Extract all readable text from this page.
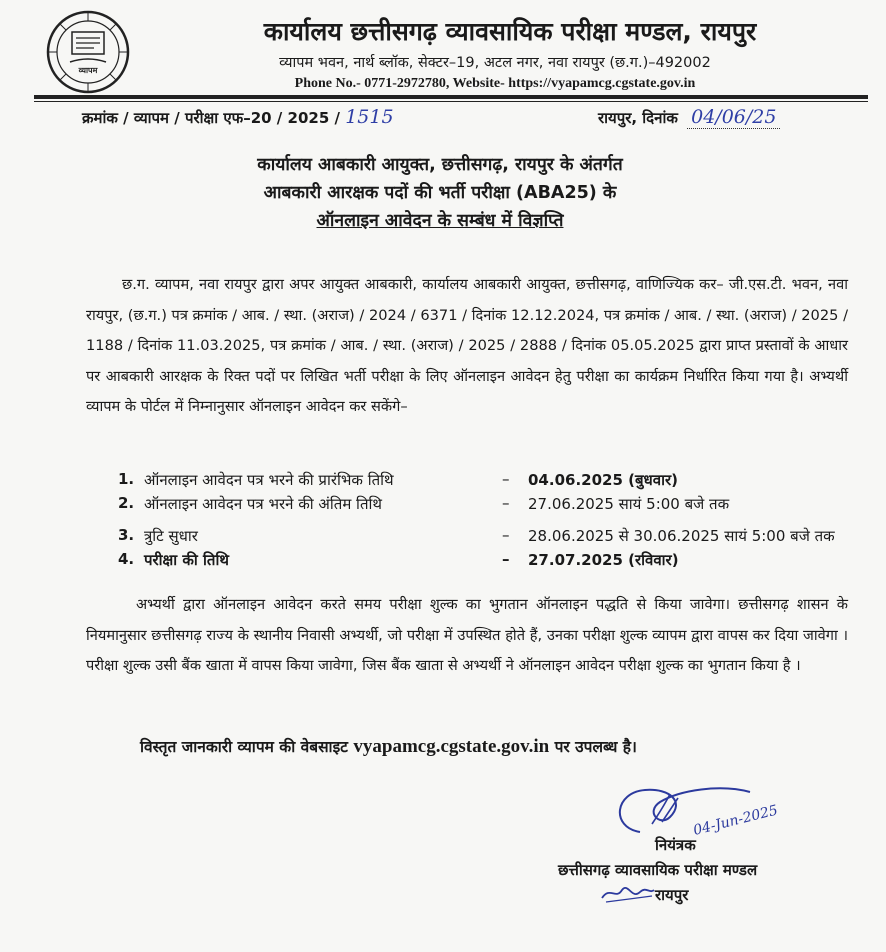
व्यापम
कार्यालय छत्तीसगढ़ व्यावसायिक परीक्षा मण्डल, रायपुर
व्यापम भवन, नार्थ ब्लॉक, सेक्टर–19, अटल नगर, नवा रायपुर (छ.ग.)–492002
Phone No.- 0771-2972780, Website- https://vyapamcg.cgstate.gov.in
क्रमांक / व्यापम / परीक्षा एफ–20 / 2025 / 1515	रायपुर, दिनांक 04/06/25
कार्यालय आबकारी आयुक्त, छत्तीसगढ़, रायपुर के अंतर्गत
आबकारी आरक्षक पदों की भर्ती परीक्षा (ABA25) के
ऑनलाइन आवेदन के सम्बंध में विज्ञप्ति
छ.ग. व्यापम, नवा रायपुर द्वारा अपर आयुक्त आबकारी, कार्यालय आबकारी आयुक्त, छत्तीसगढ़, वाणिज्यिक कर– जी.एस.टी. भवन, नवा रायपुर, (छ.ग.) पत्र क्रमांक / आब. / स्था. (अराज) / 2024 / 6371 / दिनांक 12.12.2024, पत्र क्रमांक / आब. / स्था. (अराज) / 2025 / 1188 / दिनांक 11.03.2025, पत्र क्रमांक / आब. / स्था. (अराज) / 2025 / 2888 / दिनांक 05.05.2025 द्वारा प्राप्त प्रस्तावों के आधार पर आबकारी आरक्षक के रिक्त पदों पर लिखित भर्ती परीक्षा के लिए ऑनलाइन आवेदन हेतु परीक्षा का कार्यक्रम निर्धारित किया गया है। अभ्यर्थी व्यापम के पोर्टल में निम्नानुसार ऑनलाइन आवेदन कर सकेंगे–
1. ऑनलाइन आवेदन पत्र भरने की प्रारंभिक तिथि	– 04.06.2025 (बुधवार)
2. ऑनलाइन आवेदन पत्र भरने की अंतिम तिथि	– 27.06.2025 सायं 5:00 बजे तक
3. त्रुटि सुधार	– 28.06.2025 से 30.06.2025 सायं 5:00 बजे तक
4. परीक्षा की तिथि	– 27.07.2025 (रविवार)
अभ्यर्थी द्वारा ऑनलाइन आवेदन करते समय परीक्षा शुल्क का भुगतान ऑनलाइन पद्धति से किया जावेगा। छत्तीसगढ़ शासन के नियमानुसार छत्तीसगढ़ राज्य के स्थानीय निवासी अभ्यर्थी, जो परीक्षा में उपस्थित होते हैं, उनका परीक्षा शुल्क व्यापम द्वारा वापस कर दिया जावेगा । परीक्षा शुल्क उसी बैंक खाता में वापस किया जावेगा, जिस बैंक खाता से अभ्यर्थी ने ऑनलाइन आवेदन परीक्षा शुल्क का भुगतान किया है ।
विस्तृत जानकारी व्यापम की वेबसाइट vyapamcg.cgstate.gov.in पर उपलब्ध है।
04-Jun-2025
नियंत्रक
छत्तीसगढ़ व्यावसायिक परीक्षा मण्डल
रायपुर
